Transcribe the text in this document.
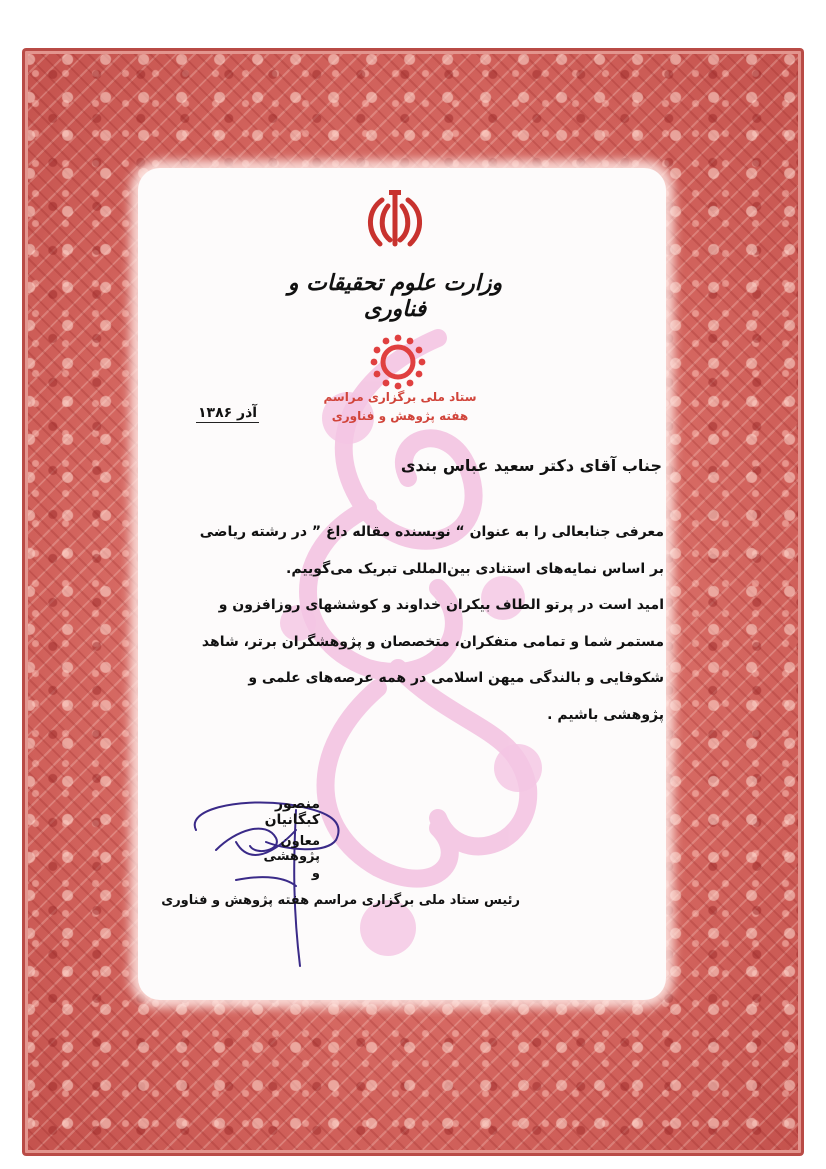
وزارت علوم تحقیقات و فناوری
ستاد ملی برگزاری مراسم
هفته پژوهش و فناوری
آذر ۱۳۸۶
جناب آقای دکتر سعید عباس بندی

معرفی جنابعالی را به عنوان “ نویسنده مقاله داغ ” در رشته ریاضی بر اساس نمایه‌های استنادی بین‌المللی تبریک می‌گوییم.

امید است در پرتو الطاف بیکران خداوند و کوششهای روزافزون و مستمر شما و تمامی متفکران، متخصصان و پژوهشگران برتر، شاهد شکوفایی و بالندگی میهن اسلامی در همه عرصه‌های علمی و پژوهشی باشیم .

منصور کبگانیان
معاون پژوهشی
و
رئیس ستاد ملی برگزاری مراسم هفته پژوهش و فناوری
